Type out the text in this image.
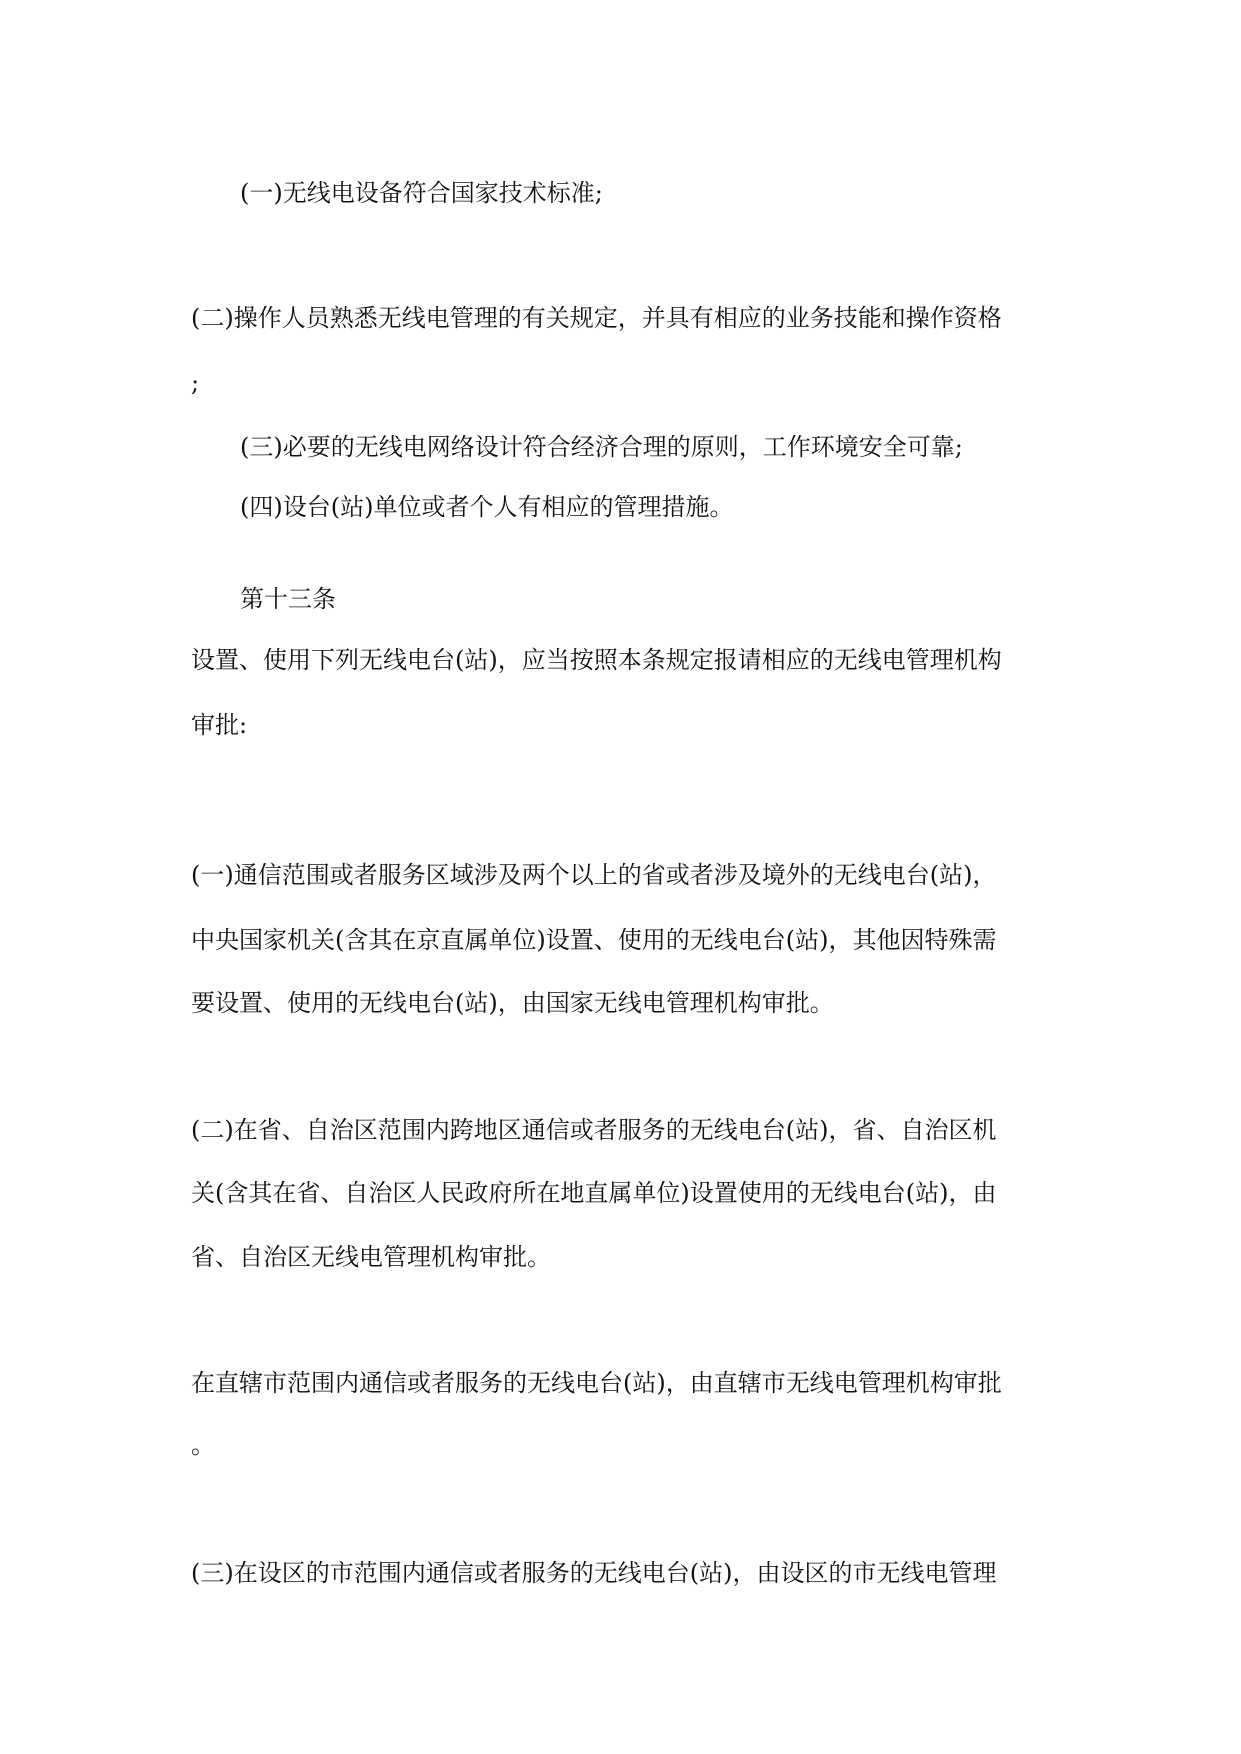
(一)无线电设备符合国家技术标准;
(二)操作人员熟悉无线电管理的有关规定，并具有相应的业务技能和操作资格
;
(三)必要的无线电网络设计符合经济合理的原则，工作环境安全可靠;
(四)设台(站)单位或者个人有相应的管理措施。
第十三条
设置、使用下列无线电台(站)，应当按照本条规定报请相应的无线电管理机构
审批:
(一)通信范围或者服务区域涉及两个以上的省或者涉及境外的无线电台(站)，
中央国家机关(含其在京直属单位)设置、使用的无线电台(站)，其他因特殊需
要设置、使用的无线电台(站)，由国家无线电管理机构审批。
(二)在省、自治区范围内跨地区通信或者服务的无线电台(站)，省、自治区机
关(含其在省、自治区人民政府所在地直属单位)设置使用的无线电台(站)，由
省、自治区无线电管理机构审批。
在直辖市范围内通信或者服务的无线电台(站)，由直辖市无线电管理机构审批
。
(三)在设区的市范围内通信或者服务的无线电台(站)，由设区的市无线电管理
